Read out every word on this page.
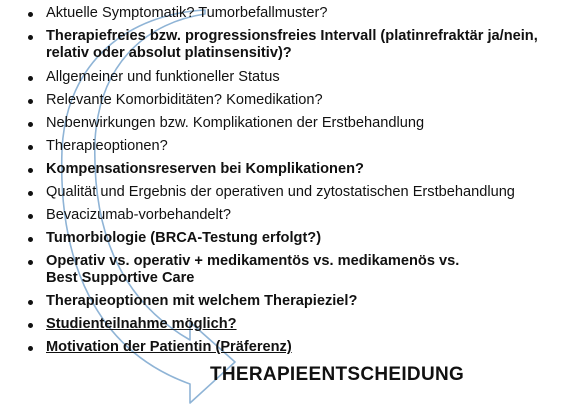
Aktuelle Symptomatik? Tumorbefallmuster?
Therapiefreies bzw. progressionsfreies Intervall (platinrefraktär ja/nein,
relativ oder absolut platinsensitiv)?
Allgemeiner und funktioneller Status
Relevante Komorbiditäten? Komedikation?
Nebenwirkungen bzw. Komplikationen der Erstbehandlung
Therapieoptionen?
Kompensationsreserven bei Komplikationen?
Qualität und Ergebnis der operativen und zytostatischen Erstbehandlung
Bevacizumab-vorbehandelt?
Tumorbiologie (BRCA-Testung erfolgt?)
Operativ vs. operativ + medikamentös vs. medikamenös vs.
Best Supportive Care
Therapieoptionen mit welchem Therapieziel?
Studienteilnahme möglich?
Motivation der Patientin (Präferenz)
THERAPIEENTSCHEIDUNG
